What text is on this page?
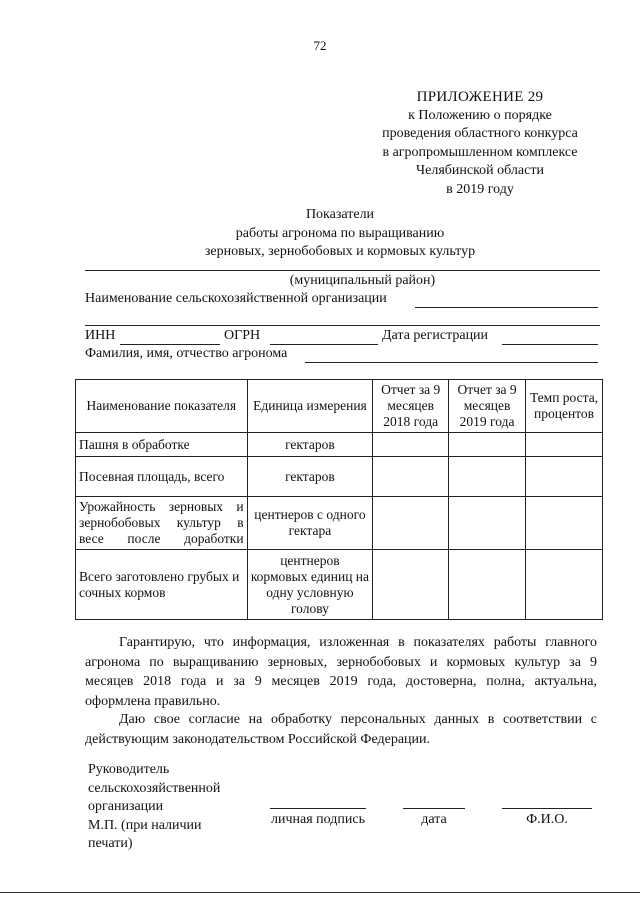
72
ПРИЛОЖЕНИЕ 29
к Положению о порядке
проведения областного конкурса
в агропромышленном комплексе
Челябинской области
в 2019 году
Показатели
работы агронома по выращиванию
зерновых, зернобобовых и кормовых культур
(муниципальный район)
Наименование сельскохозяйственной организации
ИНН	ОГРН	Дата регистрации
Фамилия, имя, отчество агронома
Наименование показателя	Единица измерения	Отчет за 9 месяцев 2018 года	Отчет за 9 месяцев 2019 года	Темп роста, процентов
Пашня в обработке	гектаров			
Посевная площадь, всего	гектаров			
Урожайность зерновых и зернобобовых культур в весе после доработки	центнеров с одного гектара			
Всего заготовлено грубых и сочных кормов	центнеров кормовых единиц на одну условную голову			
Гарантирую, что информация, изложенная в показателях работы главного агронома по выращиванию зерновых, зернобобовых и кормовых культур за 9 месяцев 2018 года и за 9 месяцев 2019 года, достоверна, полна, актуальна, оформлена правильно.
Даю свое согласие на обработку персональных данных в соответствии с действующим законодательством Российской Федерации.
Руководитель
сельскохозяйственной
организации
М.П. (при наличии
печати)
личная подпись	дата	Ф.И.О.
